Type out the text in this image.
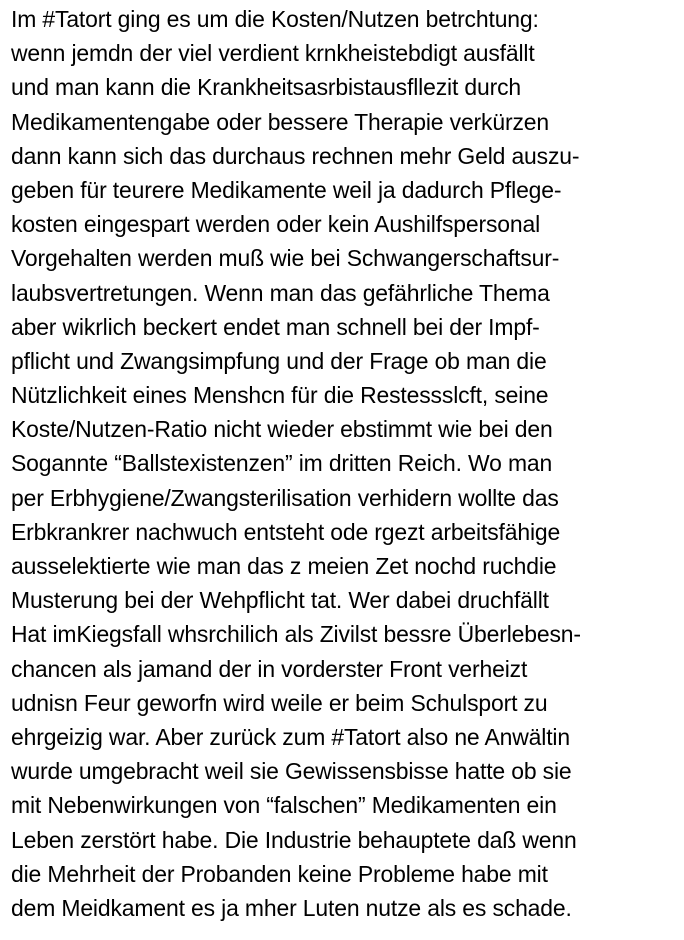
Im #Tatort ging es um die Kosten/Nutzen betrchtung:
wenn jemdn der viel verdient krnkheistebdigt ausfällt
und man kann die Krankheitsasrbistausfllezit durch
Medikamentengabe oder bessere Therapie verkürzen
dann kann sich das durchaus rechnen mehr Geld auszu-
geben für teurere Medikamente weil ja dadurch Pflege-
kosten eingespart werden oder kein Aushilfspersonal
Vorgehalten werden muß wie bei Schwangerschaftsur-
laubsvertretungen. Wenn man das gefährliche Thema
aber wikrlich beckert endet man schnell bei der Impf-
pflicht und Zwangsimpfung und der Frage ob man die
Nützlichkeit eines Menshcn für die Restessslcft, seine
Koste/Nutzen-Ratio nicht wieder ebstimmt wie bei den
Sogannte “Ballstexistenzen” im dritten Reich. Wo man
per Erbhygiene/Zwangsterilisation verhidern wollte das
Erbkrankrer nachwuch entsteht ode rgezt arbeitsfähige
ausselektierte wie man das z meien Zet nochd ruchdie
Musterung bei der Wehpflicht tat. Wer dabei druchfällt
Hat imKiegsfall whsrchilich als Zivilst bessre Überlebesn-
chancen als jamand der in vorderster Front verheizt
udnisn Feur geworfn wird weile er beim Schulsport zu
ehrgeizig war. Aber zurück zum #Tatort also ne Anwältin
wurde umgebracht weil sie Gewissensbisse hatte ob sie
mit Nebenwirkungen von “falschen” Medikamenten ein
Leben zerstört habe. Die Industrie behauptete daß wenn
die Mehrheit der Probanden keine Probleme habe mit
dem Meidkament es ja mher Luten nutze als es schade.
